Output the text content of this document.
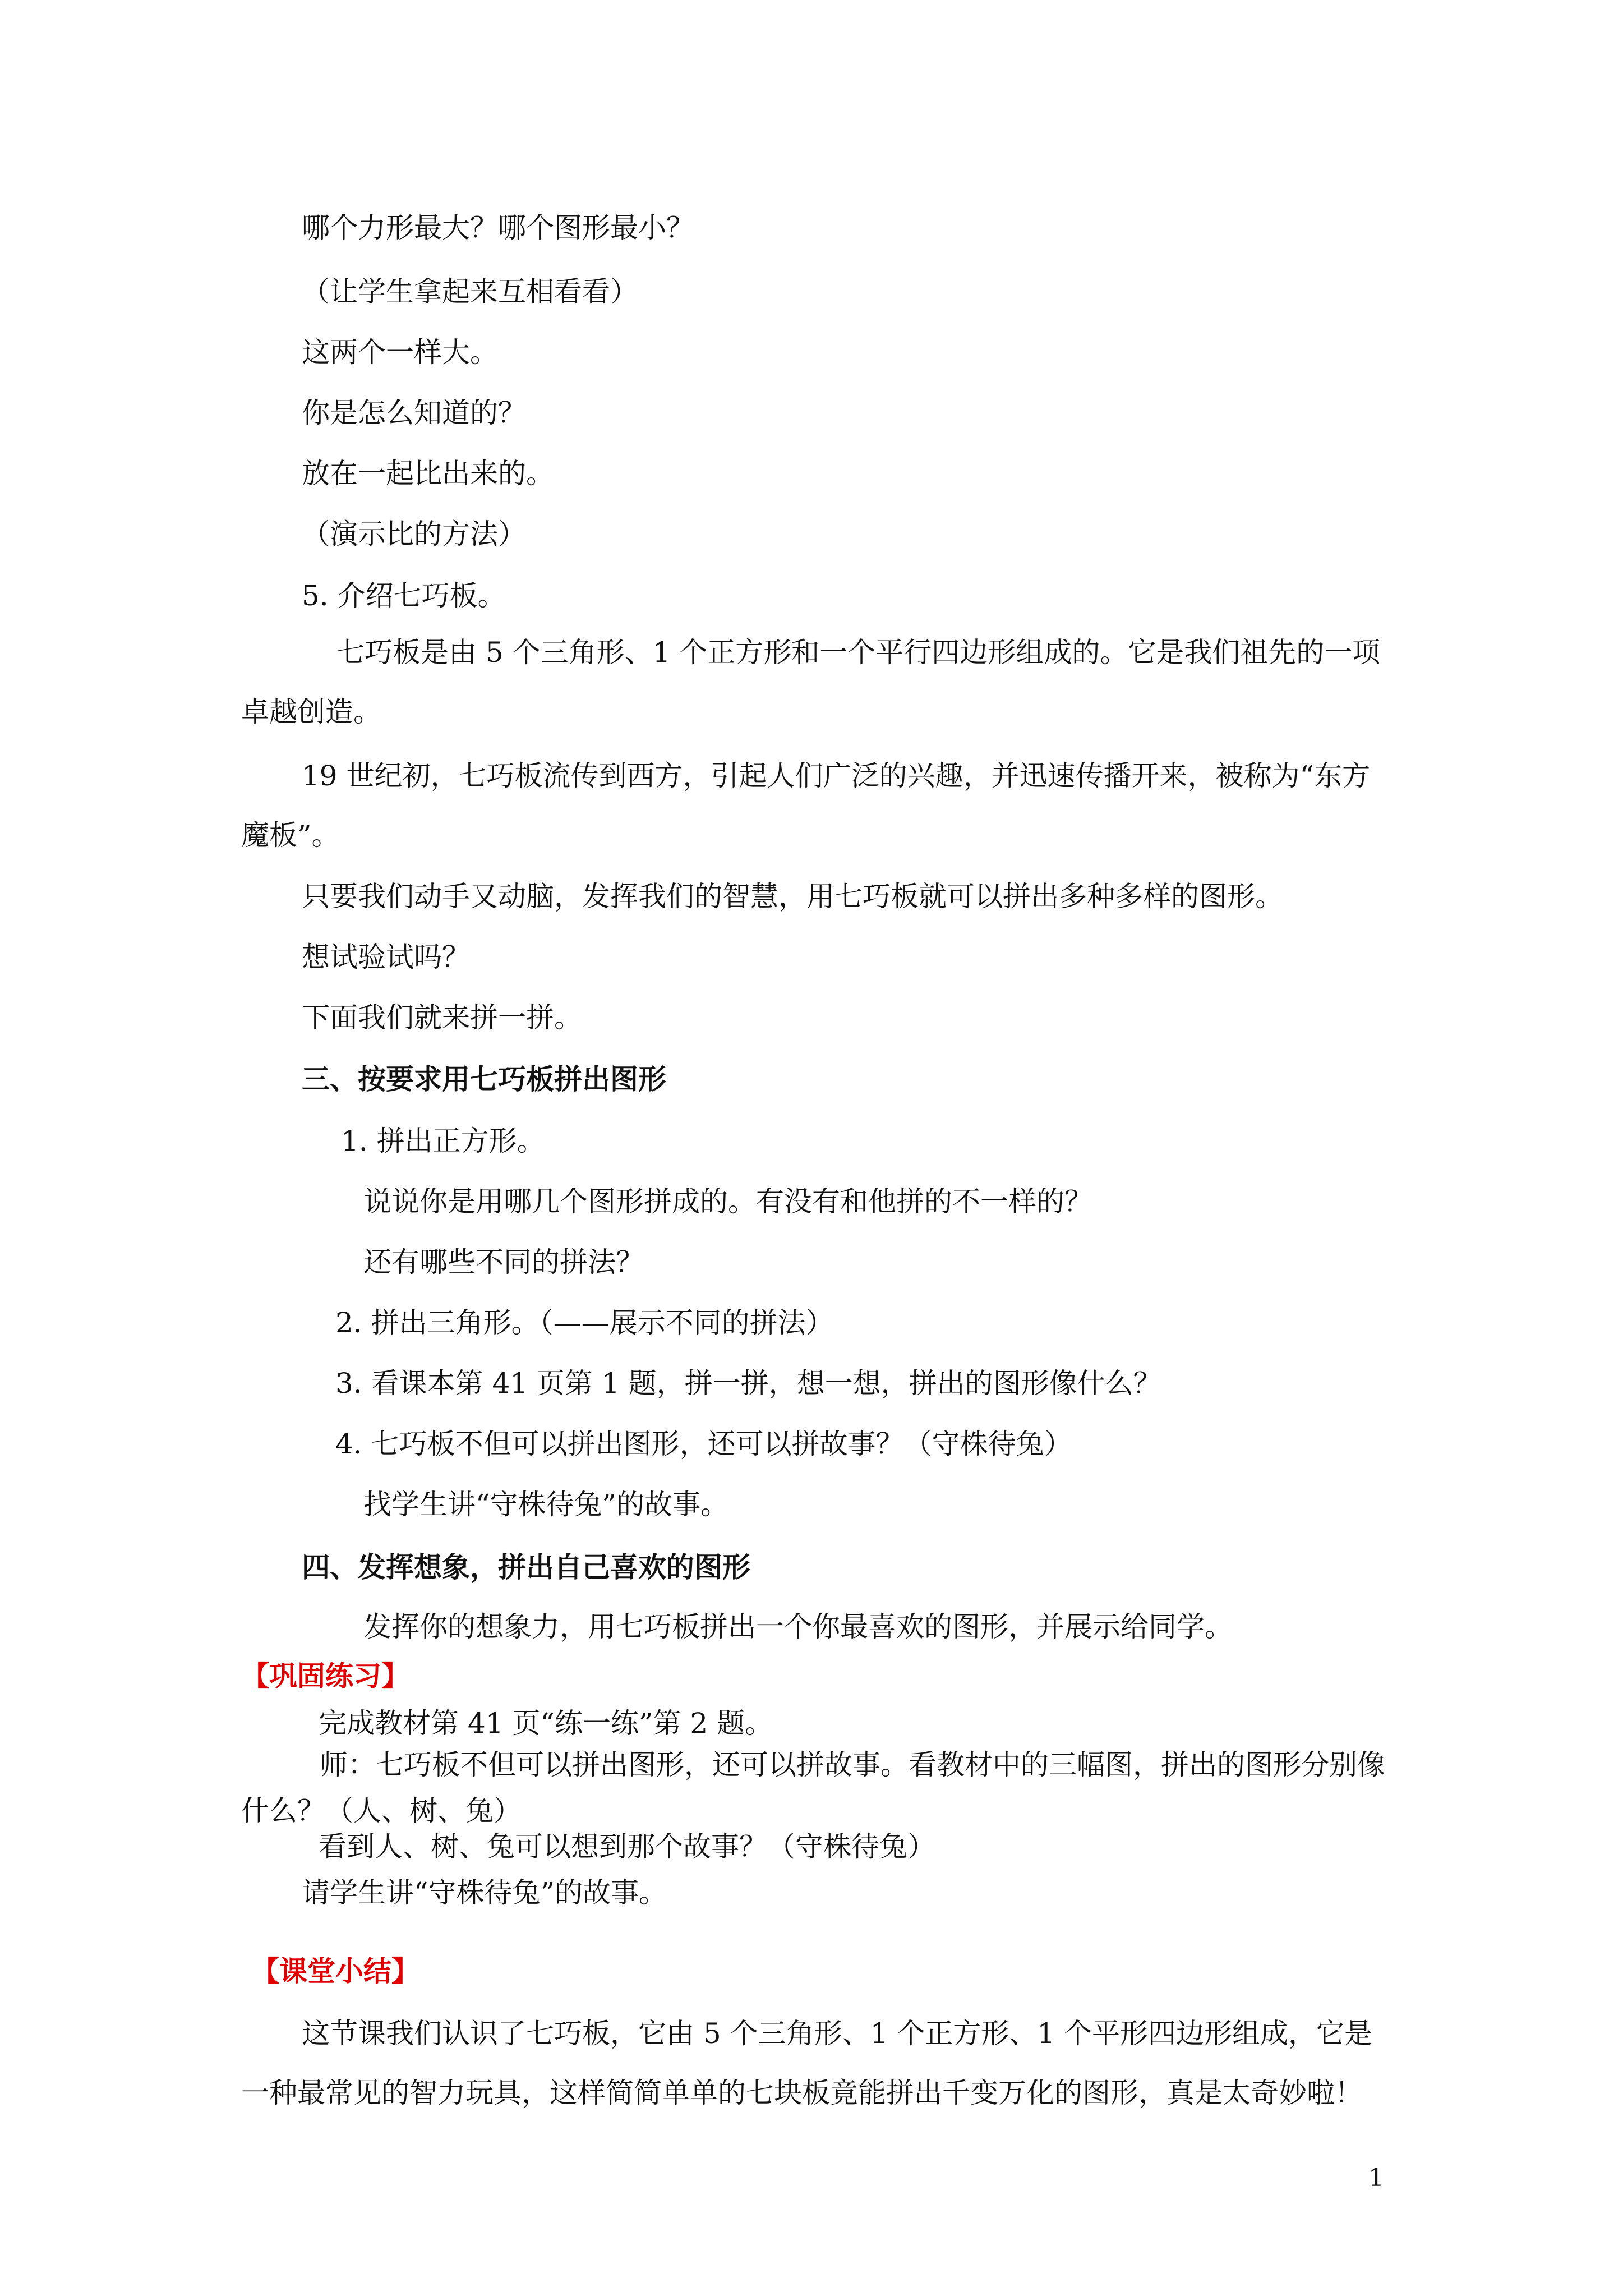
哪个力形最大？哪个图形最小？

（让学生拿起来互相看看）

这两个一样大。

你是怎么知道的？

放在一起比出来的。

（演示比的方法）

5. 介绍七巧板。

七巧板是由 5 个三角形、1 个正方形和一个平行四边形组成的。它是我们祖先的一项卓越创造。

19 世纪初，七巧板流传到西方，引起人们广泛的兴趣，并迅速传播开来，被称为“东方魔板”。

只要我们动手又动脑，发挥我们的智慧，用七巧板就可以拼出多种多样的图形。

想试验试吗？

下面我们就来拼一拼。

三、按要求用七巧板拼出图形

1. 拼出正方形。

说说你是用哪几个图形拼成的。有没有和他拼的不一样的？

还有哪些不同的拼法？

2. 拼出三角形。（——展示不同的拼法）

3. 看课本第 41 页第 1 题，拼一拼，想一想，拼出的图形像什么？

4. 七巧板不但可以拼出图形，还可以拼故事？（守株待兔）

找学生讲“守株待兔”的故事。

四、发挥想象，拼出自己喜欢的图形

发挥你的想象力，用七巧板拼出一个你最喜欢的图形，并展示给同学。

【巩固练习】

完成教材第 41 页“练一练”第 2 题。

师：七巧板不但可以拼出图形，还可以拼故事。看教材中的三幅图，拼出的图形分别像什么？（人、树、兔）

看到人、树、兔可以想到那个故事？（守株待兔）

请学生讲“守株待兔”的故事。

【课堂小结】

这节课我们认识了七巧板，它由 5 个三角形、1 个正方形、1 个平形四边形组成，它是一种最常见的智力玩具，这样简简单单的七块板竟能拼出千变万化的图形，真是太奇妙啦！

1
